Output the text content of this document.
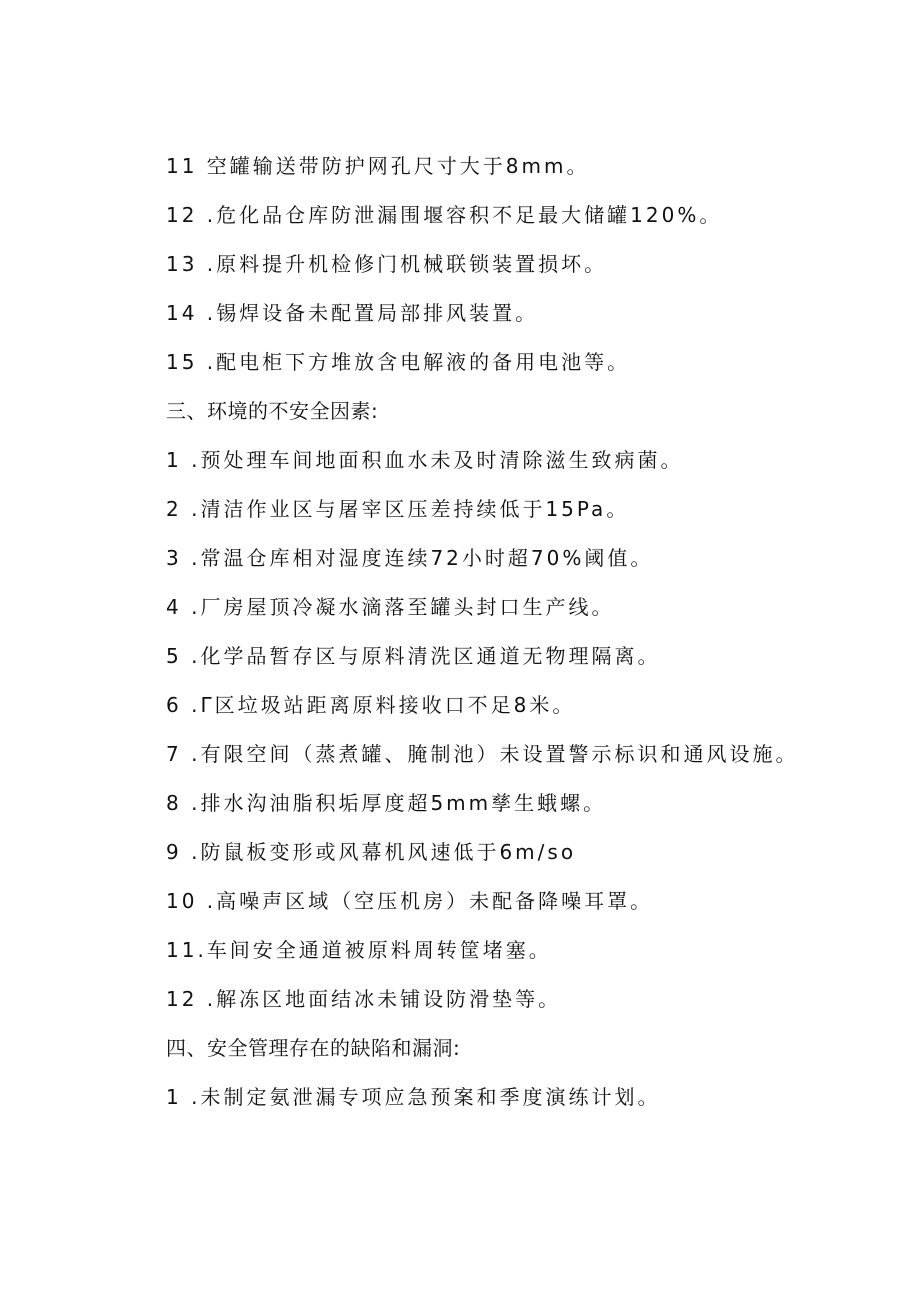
11 空罐输送带防护网孔尺寸大于8mm。
12 .危化品仓库防泄漏围堰容积不足最大储罐120%。
13 .原料提升机检修门机械联锁装置损坏。
14 .锡焊设备未配置局部排风装置。
15 .配电柜下方堆放含电解液的备用电池等。
三、环境的不安全因素:
1 .预处理车间地面积血水未及时清除滋生致病菌。
2 .清洁作业区与屠宰区压差持续低于15Pa。
3 .常温仓库相对湿度连续72小时超70%阈值。
4 .厂房屋顶冷凝水滴落至罐头封口生产线。
5 .化学品暂存区与原料清洗区通道无物理隔离。
6 .Γ区垃圾站距离原料接收口不足8米。
7 .有限空间（蒸煮罐、腌制池）未设置警示标识和通风设施。
8 .排水沟油脂积垢厚度超5mm孳生蛾螺。
9 .防鼠板变形或风幕机风速低于6m/so
10 .高噪声区域（空压机房）未配备降噪耳罩。
11.车间安全通道被原料周转筐堵塞。
12 .解冻区地面结冰未铺设防滑垫等。
四、安全管理存在的缺陷和漏洞:
1 .未制定氨泄漏专项应急预案和季度演练计划。
